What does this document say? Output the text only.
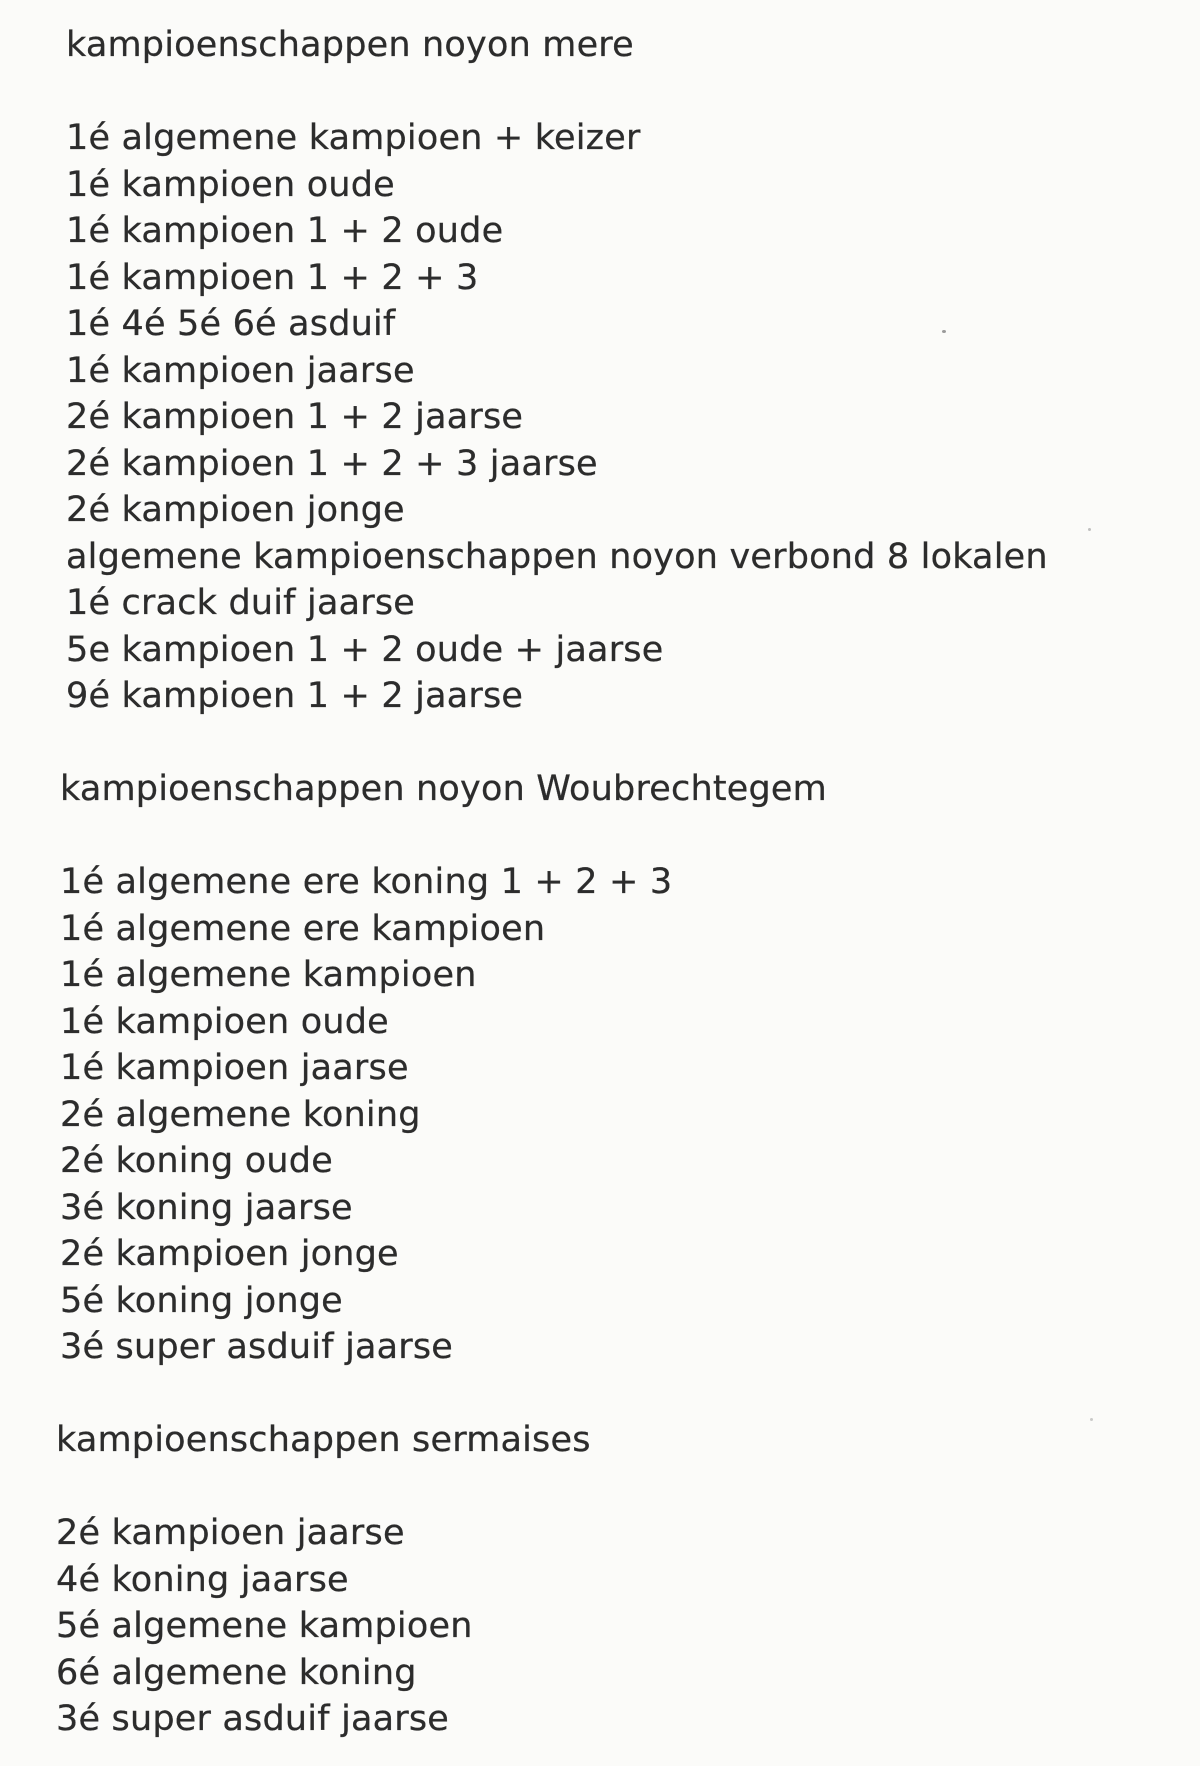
kampioenschappen noyon mere
1é algemene kampioen + keizer
1é kampioen oude
1é kampioen 1 + 2 oude
1é kampioen 1 + 2 + 3
1é 4é 5é 6é asduif
1é kampioen jaarse
2é kampioen 1 + 2 jaarse
2é kampioen 1 + 2 + 3 jaarse
2é kampioen jonge
algemene kampioenschappen noyon verbond 8 lokalen
1é crack duif jaarse
5e kampioen 1 + 2 oude + jaarse
9é kampioen 1 + 2 jaarse
kampioenschappen noyon Woubrechtegem
1é algemene ere koning 1 + 2 + 3
1é algemene ere kampioen
1é algemene kampioen
1é kampioen oude
1é kampioen jaarse
2é algemene koning
2é koning oude
3é koning jaarse
2é kampioen jonge
5é koning jonge
3é super asduif jaarse
kampioenschappen sermaises
2é kampioen jaarse
4é koning jaarse
5é algemene kampioen
6é algemene koning
3é super asduif jaarse
